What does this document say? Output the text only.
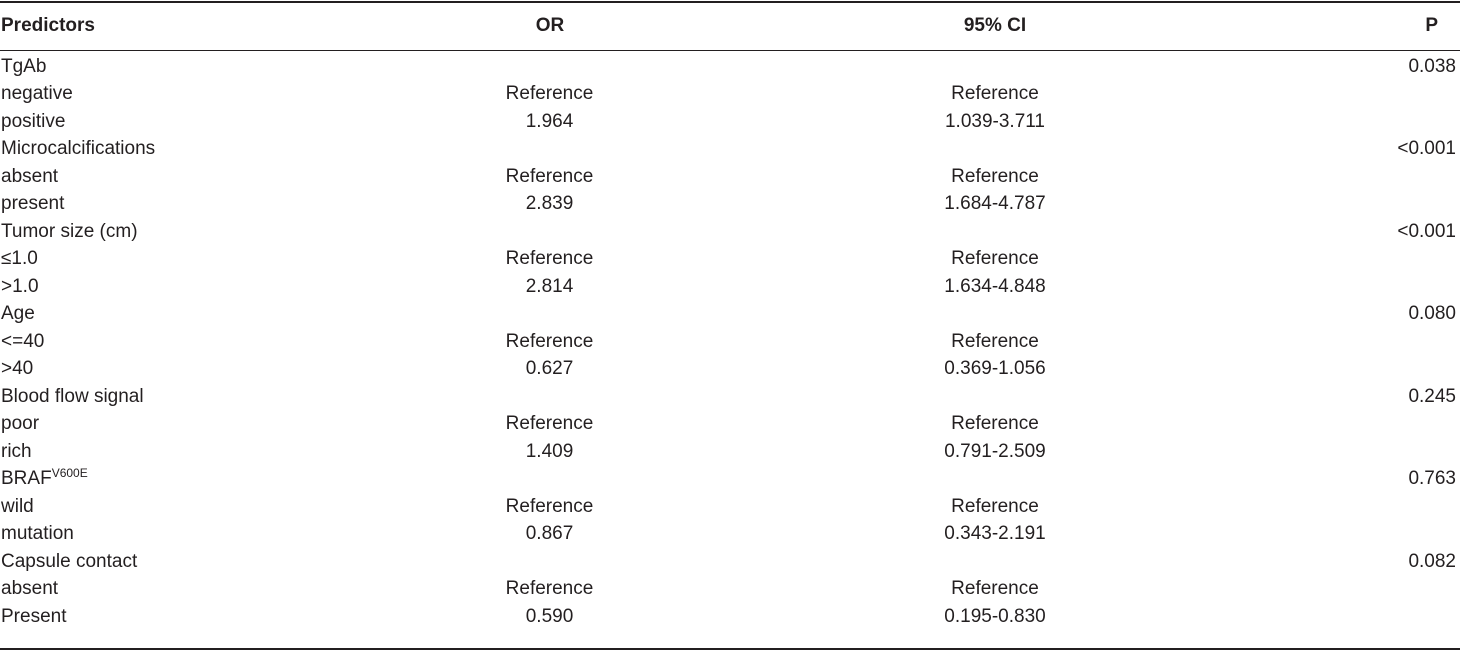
Predictors	OR	95% CI	P
TgAb			0.038
negative	Reference	Reference	
positive	1.964	1.039-3.711	
Microcalcifications			<0.001
absent	Reference	Reference	
present	2.839	1.684-4.787	
Tumor size (cm)			<0.001
≤1.0	Reference	Reference	
>1.0	2.814	1.634-4.848	
Age			0.080
<=40	Reference	Reference	
>40	0.627	0.369-1.056	
Blood flow signal			0.245
poor	Reference	Reference	
rich	1.409	0.791-2.509	
$BRAF^{V600E}$			0.763
wild	Reference	Reference	
mutation	0.867	0.343-2.191	
Capsule contact			0.082
absent	Reference	Reference	
Present	0.590	0.195-0.830	
